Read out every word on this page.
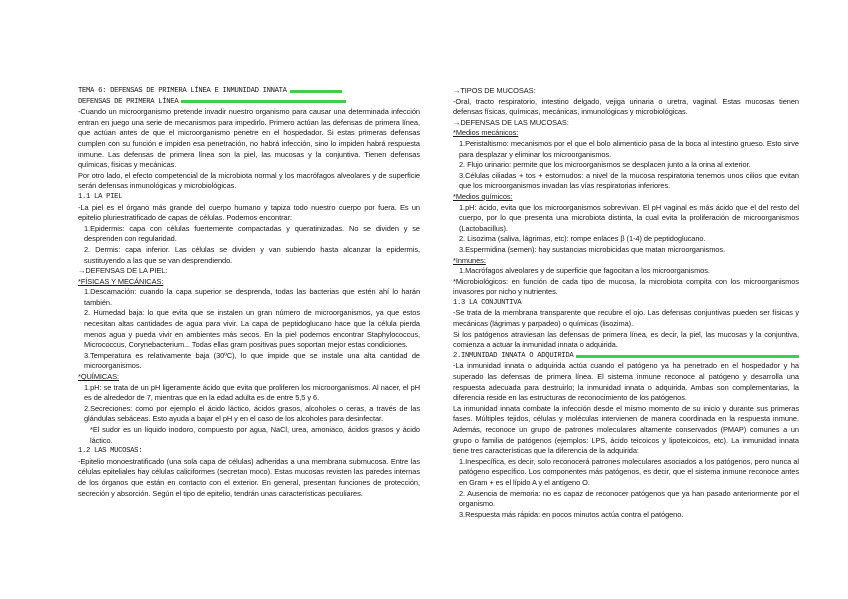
TEMA 6: DEFENSAS DE PRIMERA LÍNEA E INMUNIDAD INNATA
DEFENSAS DE PRIMERA LÍNEA

-Cuando un microorganismo pretende invadir nuestro organismo para causar una determinada infección entran en juego una serie de mecanismos para impedirlo. Primero actúan las defensas de primera línea, que actúan antes de que el microorganismo penetre en el hospedador. Si estas primeras defensas cumplen con su función e impiden esa penetración, no habrá infección, sino lo impiden habrá respuesta inmune. Las defensas de primera línea son la piel, las mucosas y la conjuntiva. Tienen defensas químicas, físicas y mecánicas.

Por otro lado, el efecto competencial de la microbiota normal y los macrófagos alveolares y de superficie serán defensas inmunológicas y microbiológicas.

1.1 LA PIEL

-La piel es el órgano más grande del cuerpo humano y tapiza todo nuestro cuerpo por fuera. Es un epitelio pluriestratificado de capas de células. Podemos encontrar:

1.Epidermis: capa con células fuertemente compactadas y queratinizadas. No se dividen y se desprenden con regularidad.

2. Dermis: capa inferior. Las células se dividen y van subiendo hasta alcanzar la epidermis, sustituyendo a las que se van desprendiendo.

→DEFENSAS DE LA PIEL:

*FÍSICAS Y MECÁNICAS:

1.Descamación: cuando la capa superior se desprenda, todas las bacterias que estén ahí lo harán también.

2. Humedad baja: lo que evita que se instalen un gran número de microorganismos, ya que estos necesitan altas cantidades de agua para vivir. La capa de peptidoglucano hace que la célula pierda menos agua y pueda vivir en ambientes más secos. En la piel podemos encontrar Staphylococcus, Micrococcus, Corynebacterium... Todas ellas gram positivas pues soportan mejor estas condiciones.

3.Temperatura es relativamente baja (30ºC), lo que impide que se instale una alta cantidad de microorganismos.

*QUÍMICAS:

1.pH: se trata de un pH ligeramente ácido que evita que proliferen los microorganismos. Al nacer, el pH es de alrededor de 7, mientras que en la edad adulta es de entre 5,5 y 6.

2.Secreciones: como por ejemplo el ácido láctico, ácidos grasos, alcoholes o ceras, a través de las glándulas sebáceas. Esto ayuda a bajar el pH y en el caso de los alcoholes para desinfectar.

*El sudor es un líquido inodoro, compuesto por agua, NaCl, urea, amoniaco, ácidos grasos y ácido láctico.

1.2 LAS MUCOSAS:

-Epitelio monoestratificado (una sola capa de células) adheridas a una membrana submucosa. Entre las células epiteliales hay células caliciformes (secretan moco). Estas mucosas revisten las paredes internas de los órganos que están en contacto con el exterior. En general, presentan funciones de protección, secreción y absorción. Según el tipo de epitelio, tendrán unas características peculiares.

→TIPOS DE MUCOSAS:

-Oral, tracto respiratorio, intestino delgado, vejiga urinaria o uretra, vaginal. Estas mucosas tienen defensas físicas, químicas, mecánicas, inmunológicas y microbiológicas.

→DEFENSAS DE LAS MUCOSAS:

*Medios mecánicos:

1.Peristaltismo: mecanismos por el que el bolo alimenticio pasa de la boca al intestino grueso. Esto sirve para desplazar y eliminar los microorganismos.

2. Flujo urinario: permite que los microorganismos se desplacen junto a la orina al exterior.

3.Células ciliadas + tos + estornudos: a nivel de la mucosa respiratoria tenemos unos cilios que evitan que los microorganismos invadan las vías respiratorias inferiores.

*Medios químicos:

1.pH: ácido, evita que los microorganismos sobrevivan. El pH vaginal es más ácido que el del resto del cuerpo, por lo que presenta una microbiota distinta, la cual evita la proliferación de microorganismos (Lactobacillus).

2. Lisozima (saliva, lágrimas, etc): rompe enlaces β (1-4) de peptidoglucano.

3.Espermidina (semen): hay sustancias microbicidas que matan microorganismos.

*Inmunes:

1.Macrófagos alveolares y de superficie que fagocitan a los microorganismos.

*Microbiológicos: en función de cada tipo de mucosa, la microbiota compita con los microorganismos invasores por nicho y nutrientes.

1.3 LA CONJUNTIVA

-Se trata de la membrana transparente que recubre el ojo. Las defensas conjuntivas pueden ser físicas y mecánicas (lágrimas y parpadeo) o químicas (lisozima).

Si los patógenos atraviesan las defensas de primera línea, es decir, la piel, las mucosas y la conjuntiva, comienza a actuar la inmunidad innata o adquirida.

2.INMUNIDAD INNATA O ADQUIRIDA

-La inmunidad innata o adquirida actúa cuando el patógeno ya ha penetrado en el hospedador y ha superado las defensas de primera línea. El sistema inmune reconoce al patógeno y desarrolla una respuesta adecuada para destruirlo; la inmunidad innata o adquirida. Ambas son complementarias, la diferencia reside en las estructuras de reconocimiento de los patógenos.

La inmunidad innata combate la infección desde el mismo momento de su inicio y durante sus primeras fases. Múltiples tejidos, células y moléculas intervienen de manera coordinada en la respuesta inmune. Además, reconoce un grupo de patrones moleculares altamente conservados (PMAP) comunes a un grupo o familia de patógenos (ejemplos: LPS, ácido teicoicos y lipoteicoicos, etc). La inmunidad innata tiene tres características que la diferencia de la adquirida:

1.Inespecífica, es decir, solo reconocerá patrones moleculares asociados a los patógenos, pero nunca al patógeno específico. Los componentes más patógenos, es decir, que el sistema inmune reconoce antes en Gram + es el lípido A y el antígeno O.

2. Ausencia de memoria: no es capaz de reconocer patógenos que ya han pasado anteriormente por el organismo.

3.Respuesta más rápida: en pocos minutos actúa contra el patógeno.
